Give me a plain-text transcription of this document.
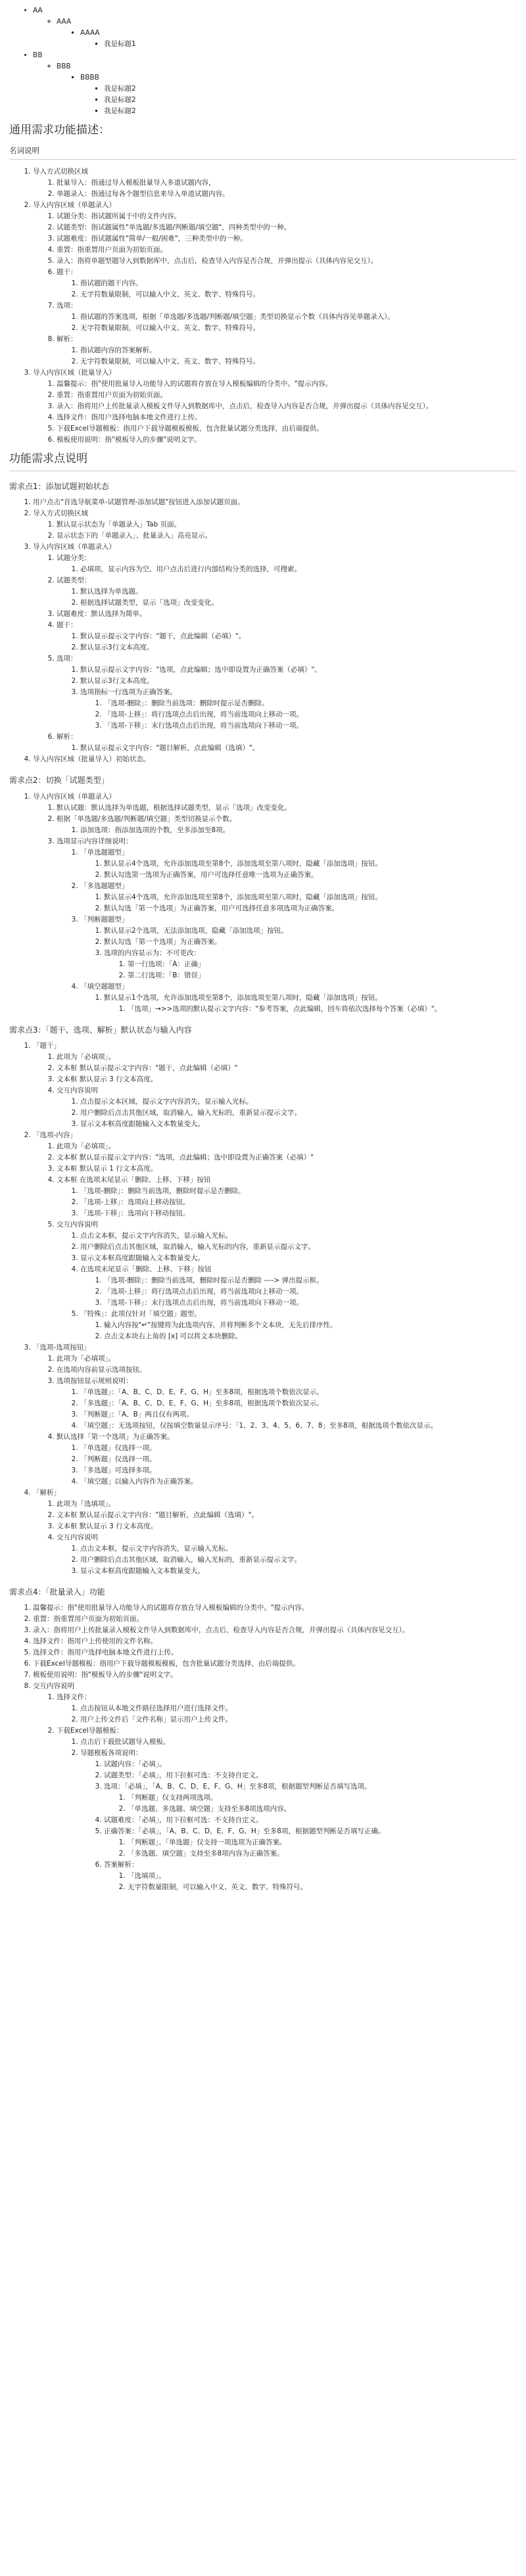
• AA
◦ AAA
▪ AAAA
▪ 我是标题1
• BB
◦ BBB
▪ BBBB
▪ 我是标题2
▪ 我是标题2
▪ 我是标题2
通用需求功能描述：
名词说明
1. 导入方式切换区域
1. 批量导入：指通过导入模板批量导入多道试题内容，
2. 单题录入：指通过每各个题型信息来导入单道试题内容。
2. 导入内容区域（单题录入）
1. 试题分类：指试题所属于中的文件内容。
2. 试题类型：指试题属性"单选题/多选题/判断题/填空题"，四种类型中的一种。
3. 试题难度：指试题属性"简单/一般/困难"，三种类型中的一种。
4. 重置：指重置用户页面为初始页面。
5. 录入：指将单题型题导入到数据库中，点击后，检查导入内容是否合规，并弹出提示（具体内容见交互）。
6. 题干：
1. 指试题的题干内容。
2. 无字符数量限制，可以输入中文、英文、数字、特殊符号。
7. 选项：
1. 指试题的答案选项，根据「单选题/多选题/判断题/填空题」类型切换显示个数（具体内容见单题录入）。
2. 无字符数量限制，可以输入中文、英文、数字、特殊符号。
8. 解析：
1. 指试题内容的答案解析。
2. 无字符数量限制，可以输入中文、英文、数字、特殊符号。
3. 导入内容区域（批量导入）
1. 温馨提示：指"使用批量导入功能导入的试题将存放在导入模板编辑的分类中。"提示内容。
2. 重置：指重置用户页面为初始页面。
3. 录入：指将用户上传批量录入模板文件导入到数据库中，点击后，检查导入内容是否合规，并弹出提示（具体内容见交互）。
4. 选择文件：指用户选择电脑本地文件进行上传。
5. 下载Excel导题模板：指用户下载导题模板模板，包含批量试题分类选择，由后端提供。
6. 模板使用说明：指"模板导入的步骤"说明文字。
功能需求点说明
需求点1：添加试题初始状态
1. 用户点击"首选导航菜单-试题管理-添加试题"按钮进入添加试题页面。
2. 导入方式切换区域
1. 默认显示状态为「单题录入」Tab 页面。
2. 显示状态下的「单题录入」、批量录入」高亮显示。
3. 导入内容区域（单题录入）
1. 试题分类：
1. 必填项，显示内容为空，用户点击后进行内部结构分类的选择，可搜索。
2. 试题类型：
1. 默认选择为单选题。
2. 根据选择试题类型，显示「选项」改变变化。
3. 试题难度：默认选择为简单。
4. 题干：
1. 默认显示提示文字内容："题干，点此编辑（必填）"。
2. 默认显示3行文本高度。
5. 选项：
1. 默认显示提示文字内容："选项，点此编辑；选中即设置为正确答案（必填）"。
2. 默认显示3行文本高度。
3. 选项指标一行选项为正确答案。
1. 「选项-删除」：删除当前选项：删除时提示是否删除。
2. 「选项-上移」：将行选项点击后出现，将当前选项向上移动一项。
3. 「选项-下移」：末行选项点击后出现，将当前选项向下移动一项。
6. 解析：
1. 默认显示提示文字内容："题目解析，点此编辑（选填）"。
4. 导入内容区域（批量导入）初始状态。
需求点2：切换「试题类型」
1. 导入内容区域（单题录入）
1. 默认试题：默认选择为单选题，根据选择试题类型，显示「选项」改变变化。
2. 根据「单选题/多选题/判断题/填空题」类型切换显示个数。
1. 添加选项：指添加选项的个数，至多添加至8项。
3. 选项显示内容详细说明：
1. 「单选题题型」
1. 默认显示4个选项，允许添加选项至第8个，添加选项至第八项时，隐藏「添加选项」按钮。
2. 默认勾选第一选项为正确答案，用户可选择任意唯一选项为正确答案。
2. 「多选题题型」
1. 默认显示4个选项，允许添加选项至第8个，添加选项至第八项时，隐藏「添加选项」按钮。
2. 默认勾选「第一个选项」为正确答案，用户可选择任意多项选项为正确答案。
3. 「判断题题型」
1. 默认显示2个选项，无法添加选项，隐藏「添加选项」按钮。
2. 默认勾选「第一个选项」为正确答案。
3. 选项的内容显示为：不可更改：
1. 第一行选项：「A：正确」
2. 第二行选项：「B：错误」
4. 「填空题题型」
1. 默认显示1个选项，允许添加选项至第8个，添加选项至第八项时，隐藏「添加选项」按钮。
1. 「选项」→>>选项的默认提示文字内容："参考答案，点此编辑，回车将依次选择每个答案（必填）"。
需求点3：「题干、选项、解析」默认状态与输入内容
1. 「题干」
1. 此项为「必填项」。
2. 文本框 默认显示提示文字内容："题干，点此编辑（必填）"
3. 文本框 默认显示 3 行文本高度。
4. 交互内容说明
1. 点击提示文本区域，提示文字内容消失，显示输入光标。
2. 用户删除后点击其他区域，取消输入，输入光标的，重新显示提示文字。
3. 显示文本框高度跟随输入文本数量变大。
2. 「选项-内容」
1. 此项为「必填项」。
2. 文本框 默认显示提示文字内容："选项，点此编辑；选中即设置为正确答案（必填）"
3. 文本框 默认显示 1 行文本高度。
4. 文本框 在选项末尾显示「删除、上移、下移」按钮
1. 「选项-删除」：删除当前选项，删除时提示是否删除。
2. 「选项-上移」：选项向上移动按钮。
3. 「选项-下移」：选项向下移动按钮。
5. 交互内容说明
1. 点击文本框，提示文字内容消失，显示输入光标。
2. 用户删除后点击其他区域，取消输入，输入光标的内容，重新显示提示文字。
3. 显示文本框高度跟随输入文本数量变大。
4. 在选项末尾显示「删除、上移、下移」按钮
1. 「选项-删除」：删除当前选项，删除时提示是否删除 ----> 弹出提示框。
2. 「选项-上移」：将行选项点击后出现，将当前选项向上移动一项。
3. 「选项-下移」：末行选项点击后出现，将当前选项向下移动一项。
5. 「特殊」：此项仅针对「填空题」题型。
1. 输入内容按"↵"按键将为此选项内容，并将判断多个文本块，无先后排序性。
2. 点击文本块右上角的 [x] 可以将文本块删除。
3. 「选项-选项按钮」
1. 此项为「必填项」。
2. 在选项内容前显示选项按钮。
3. 选项按钮显示规则说明：
1. 「单选题」：「A、B、C、D、E、F、G、H」至多8项，根据选项个数依次显示。
2. 「多选题」：「A、B、C、D、E、F、G、H」至多8项，根据选项个数依次显示。
3. 「判断题」：「A、B」两且仅有两项。
4. 「填空题」：无选项按钮，仅按填空数量显示序号：「1、2、3、4、5、6、7、8」至多8项，根据选项个数依次显示。
4. 默认选择「第一个选项」为正确答案。
1. 「单选题」仅选择一项。
2. 「判断题」仅选择一项。
3. 「多选题」可选择多项。
4. 「填空题」以输入内容作为正确答案。
4. 「解析」
1. 此项为「选填项」。
2. 文本框 默认显示提示文字内容："题目解析，点此编辑（选填）"。
3. 文本框 默认显示 3 行文本高度。
4. 交互内容说明
1. 点击文本框，提示文字内容消失，显示输入光标。
2. 用户删除后点击其他区域，取消输入，输入光标的，重新显示提示文字。
3. 显示文本框高度跟随输入文本数量变大。
需求点4：「批量录入」功能
1. 温馨提示：指"使用批量导入功能导入的试题将存放在导入模板编辑的分类中。"提示内容。
2. 重置：指重置用户页面为初始页面。
3. 录入：指将用户上传批量录入模板文件导入到数据库中，点击后，检查导入内容是否合规，并弹出提示（具体内容见交互）。
4. 选择文件：指用户上传使用的文件名称。
5. 选择文件：指用户选择电脑本地文件进行上传。
6. 下载Excel导题模板：指用户下载导题模板模板，包含批量试题分类选择，由后端提供。
7. 模板使用说明：指"模板导入的步骤"说明文字。
8. 交互内容说明
1. 选择文件：
1. 点击按钮从本地文件路径选择用户进行选择文件。
2. 用户上传文件后「文件名称」显示用户上传文件。
2. 下载Excel导题模板：
1. 点击后下载批试题导入模板。
2. 导题模板各项说明：
1. 试题内容：「必填」。
2. 试题类型：「必填」，用下拉框可选：不支持自定义。
3. 选项：「必填」，「A、B、C、D、E、F、G、H」至多8项，根据题型判断是否填写选项。
1. 「判断题」仅支持两项选项。
2. 「单选题、多选题、填空题」支持至多8项选项内容。
4. 试题难度：「必填」，用下拉框可选：不支持自定义。
5. 正确答案：「必填」，「A、B、C、D、E、F、G、H」至多8项，根据题型判断是否填写正确。
1. 「判断题」、「单选题」仅支持一项选项为正确答案。
2. 「多选题、填空题」支持至多8项内容为正确答案。
6. 答案解析：
1. 「选填项」。
2. 无字符数量限制，可以输入中文、英文、数字、特殊符号。
